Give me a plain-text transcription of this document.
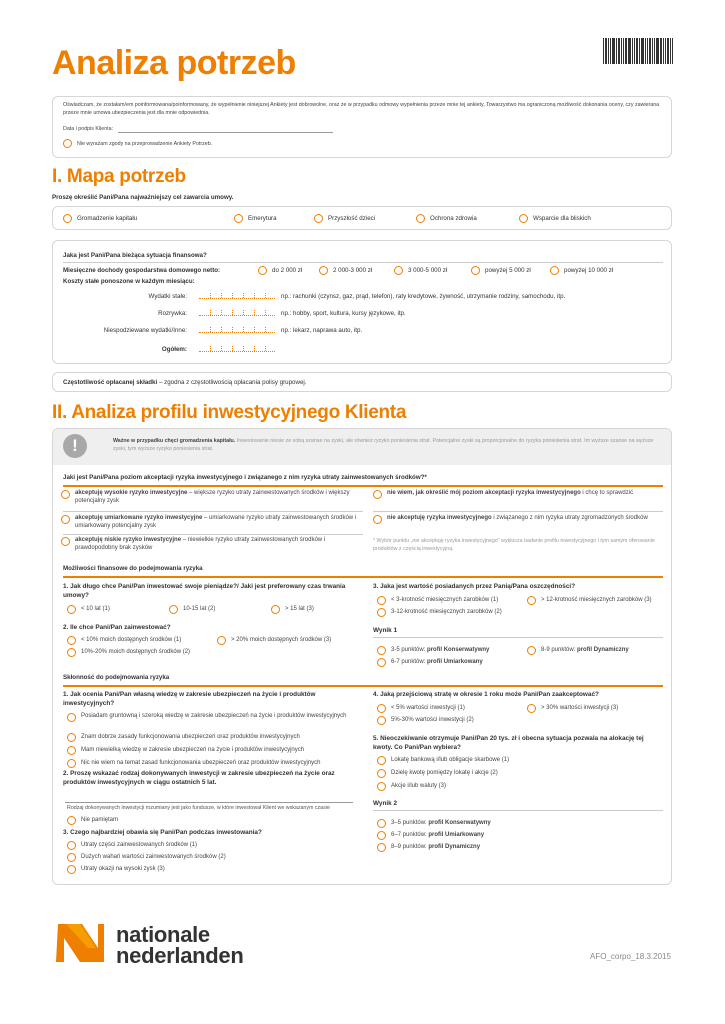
Analiza potrzeb
Oświadczam, że zostałam/em poinformowana/poinformowany, że wypełnienie niniejszej Ankiety jest dobrowolne, oraz że w przypadku odmowy wypełnienia przeze mnie tej ankiety, Towarzystwo ma ograniczoną możliwość dokonania oceny, czy zawierana przeze mnie umowa ubezpieczenia jest dla mnie odpowiednia.
Data i podpis Klienta:
Nie wyrażam zgody na przeprowadzenie Ankiety Potrzeb.
I. Mapa potrzeb
Proszę określić Pani/Pana najważniejszy cel zawarcia umowy.
Gromadzenie kapitału	Emerytura	Przyszłość dzieci	Ochrona zdrowia	Wsparcie dla bliskich
Jaka jest Pani/Pana bieżąca sytuacja finansowa?
Miesięczne dochody gospodarstwa domowego netto:	do 2 000 zł	2 000-3 000 zł	3 000-5 000 zł	powyżej 5 000 zł	powyżej 10 000 zł
Koszty stałe ponoszone w każdym miesiącu:
Wydatki stałe:	np.: rachunki (czynsz, gaz, prąd, telefon), raty kredytowe, żywność, utrzymanie rodziny, samochodu, itp.
Rozrywka:	np.: hobby, sport, kultura, kursy językowe, itp.
Niespodziewane wydatki/Inne:	np.: lekarz, naprawa auto, itp.
Ogółem:
Częstotliwość opłacanej składki – zgodna z częstotliwością opłacania polisy grupowej.
II. Analiza profilu inwestycyjnego Klienta
!	Ważne w przypadku chęci gromadzenia kapitału. Inwestowanie niesie ze sobą szanse na zyski, ale również ryzyko poniesienia strat. Potencjalne zyski są proporcjonalne do ryzyka poniesienia strat. Im wyższe szanse na wyższe zyski, tym wyższe ryzyko poniesienia strat.
Jaki jest Pani/Pana poziom akceptacji ryzyka inwestycyjnego i związanego z nim ryzyka utraty zainwestowanych środków?*
akceptuję wysokie ryzyko inwestycyjne – większe ryzyko utraty zainwestowanych środków i większy potencjalny zysk
akceptuję umiarkowane ryzyko inwestycyjne – umiarkowane ryzyko utraty zainwestowanych środków i umiarkowany potencjalny zysk
akceptuję niskie ryzyko inwestycyjne – niewielkie ryzyko utraty zainwestowanych środków i prawdopodobny brak zysków
nie wiem, jak określić mój poziom akceptacji ryzyka inwestycyjnego i chcę to sprawdzić
nie akceptuję ryzyka inwestycyjnego i związanego z nim ryzyka utraty zgromadzonych środków
* Wybór punktu „nie akceptuję ryzyka inwestycyjnego" wyklucza badanie profilu inwestycyjnego i tym samym oferowanie produktów z częścią inwestycyjną.
Możliwości finansowe do podejmowania ryzyka
1. Jak długo chce Pani/Pan inwestować swoje pieniądze?/ Jaki jest preferowany czas trwania umowy?
< 10 lat (1)	10-15 lat (2)	> 15 lat (3)
2. Ile chce Pani/Pan zainwestować?
< 10% moich dostępnych środków (1)	> 20% moich dostępnych środków (3)
10%-20% moich dostępnych środków (2)
3. Jaka jest wartość posiadanych przez Panią/Pana oszczędności?
< 3-krotność miesięcznych zarobków (1)	> 12-krotność miesięcznych zarobków (3)
3-12-krotność miesięcznych zarobków (2)
Wynik 1
3-5 punktów: profil Konserwatywny	8-9 punktów: profil Dynamiczny
6-7 punktów: profil Umiarkowany
Skłonność do podejmowania ryzyka
1. Jak ocenia Pani/Pan własną wiedzę w zakresie ubezpieczeń na życie i produktów inwestycyjnych?
Posiadam gruntowną i szeroką wiedzę w zakresie ubezpieczeń na życie i produktów inwestycyjnych
Znam dobrze zasady funkcjonowania ubezpieczeń oraz produktów inwestycyjnych
Mam niewielką wiedzę w zakresie ubezpieczeń na życie i produktów inwestycyjnych
Nic nie wiem na temat zasad funkcjonowania ubezpieczeń oraz produktów inwestycyjnych
2. Proszę wskazać rodzaj dokonywanych inwestycji w zakresie ubezpieczeń na życie oraz produktów inwestycyjnych w ciągu ostatnich 5 lat.
Rodzaj dokonywanych inwestycji rozumiany jest jako fundusze, w które inwestował Klient we wskazanym czasie
Nie pamiętam
3. Czego najbardziej obawia się Pani/Pan podczas inwestowania?
Utraty części zainwestowanych środków (1)
Dużych wahań wartości zainwestowanych środków (2)
Utraty okazji na wysoki zysk (3)
4. Jaką przejściową stratę w okresie 1 roku może Pani/Pan zaakceptować?
< 5% wartości inwestycji (1)	> 30% wartości inwestycji (3)
5%-30% wartości inwestycji (2)
5. Nieoczekiwanie otrzymuje Pani/Pan 20 tys. zł i obecna sytuacja pozwala na alokację tej kwoty. Co Pani/Pan wybiera?
Lokatę bankową i/lub obligacje skarbowe (1)
Dzielę kwotę pomiędzy lokatę i akcje (2)
Akcje i/lub waluty (3)
Wynik 2
3–5 punktów: profil Konserwatywny
6–7 punktów: profil Umiarkowany
8–9 punktów: profil Dynamiczny
nationale
nederlanden	AFO_corpo_18.3.2015
